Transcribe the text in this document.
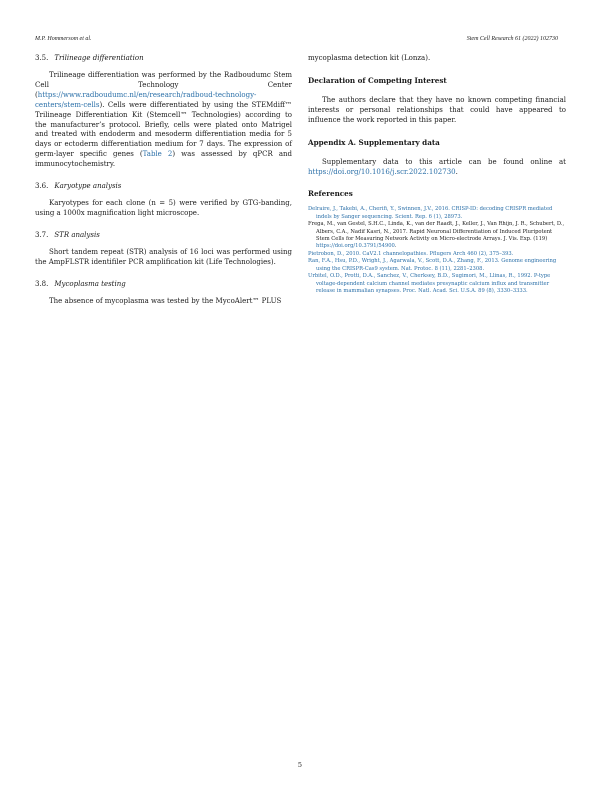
M.P. Hommersom et al.	Stem Cell Research 61 (2022) 102730
3.5. Trilineage differentiation

Trilineage differentiation was performed by the Radboudumc Stem Cell Technology Center (https://www.radboudumc.nl/en/research/radboud-technology-centers/stem-cells). Cells were differentiated by using the STEMdiff™ Trilineage Differentiation Kit (Stemcell™ Technologies) according to the manufacturer’s protocol. Briefly, cells were plated onto Matrigel and treated with endoderm and mesoderm differentiation media for 5 days or ectoderm differentiation medium for 7 days. The expression of germ-layer specific genes (Table 2) was assessed by qPCR and immunocytochemistry.

3.6. Karyotype analysis

Karyotypes for each clone (n = 5) were verified by GTG-banding, using a 1000x magnification light microscope.

3.7. STR analysis

Short tandem repeat (STR) analysis of 16 loci was performed using the AmpFLSTR identifiler PCR amplification kit (Life Technologies).

3.8. Mycoplasma testing

The absence of mycoplasma was tested by the MycoAlert™ PLUS

mycoplasma detection kit (Lonza).

Declaration of Competing Interest

The authors declare that they have no known competing financial interests or personal relationships that could have appeared to influence the work reported in this paper.

Appendix A. Supplementary data

Supplementary data to this article can be found online at https://doi.org/10.1016/j.scr.2022.102730.

References
Delraire, J., Takebi, A., Cherifi, Y., Swinnen, J.V., 2016. CRISP-ID: decoding CRISPR mediated indels by Sanger sequencing. Scient. Rep. 6 (1), 28973.
Frega, M., van Gestel, S.H.C., Linda, K., van der Raadt, J., Keller, J., Van Rhijn, J. R., Schubert, D., Albers, C.A., Nadif Kasri, N., 2017. Rapid Neuronal Differentiation of Induced Pluripotent Stem Cells for Measuring Network Activity on Micro-electrode Arrays. J. Vis. Exp. (119) https://doi.org/10.3791/54900.
Pietrobon, D., 2010. CaV2.1 channelopathies. Pflugers Arch 460 (2), 375–393.
Ran, F.A., Hsu, P.D., Wright, J., Agarwala, V., Scott, D.A., Zhang, F., 2013. Genome engineering using the CRISPR-Cas9 system. Nat. Protoc. 8 (11), 2281–2308.
Urbitel, O.D., Protti, D.A., Sanchez, V., Cherksey, B.D., Sugimori, M., Llinas, R., 1992. P-type voltage-dependent calcium channel mediates presynaptic calcium influx and transmitter release in mammalian synapses. Proc. Natl. Acad. Sci. U.S.A. 89 (8), 3330–3333.
5
